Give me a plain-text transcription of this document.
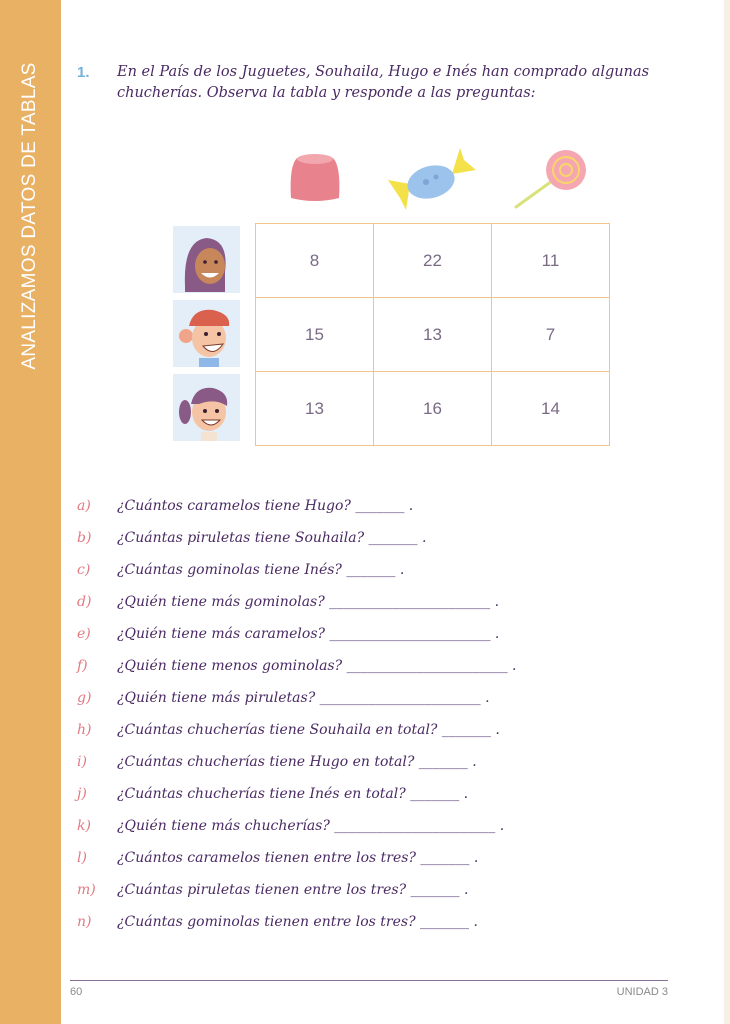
ANALIZAMOS DATOS DE TABLAS 1. En el País de los Juguetes, Souhaila, Hugo e Inés han comprado algunas chucherías. Observa la tabla y responde a las preguntas:
8	22	11
15	13	7
13	16	14
a)	¿Cuántos caramelos tiene Hugo? _______ .
b)	¿Cuántas piruletas tiene Souhaila? _______ .
c)	¿Cuántas gominolas tiene Inés? _______ .
d)	¿Quién tiene más gominolas? _______________________ .
e)	¿Quién tiene más caramelos? _______________________ .
f)	¿Quién tiene menos gominolas? _______________________ .
g)	¿Quién tiene más piruletas? _______________________ .
h)	¿Cuántas chucherías tiene Souhaila en total? _______ .
i)	¿Cuántas chucherías tiene Hugo en total? _______ .
j)	¿Cuántas chucherías tiene Inés en total? _______ .
k)	¿Quién tiene más chucherías? _______________________ .
l)	¿Cuántos caramelos tienen entre los tres? _______ .
m)	¿Cuántas piruletas tienen entre los tres? _______ .
n)	¿Cuántas gominolas tienen entre los tres? _______ .
60	UNIDAD 3
